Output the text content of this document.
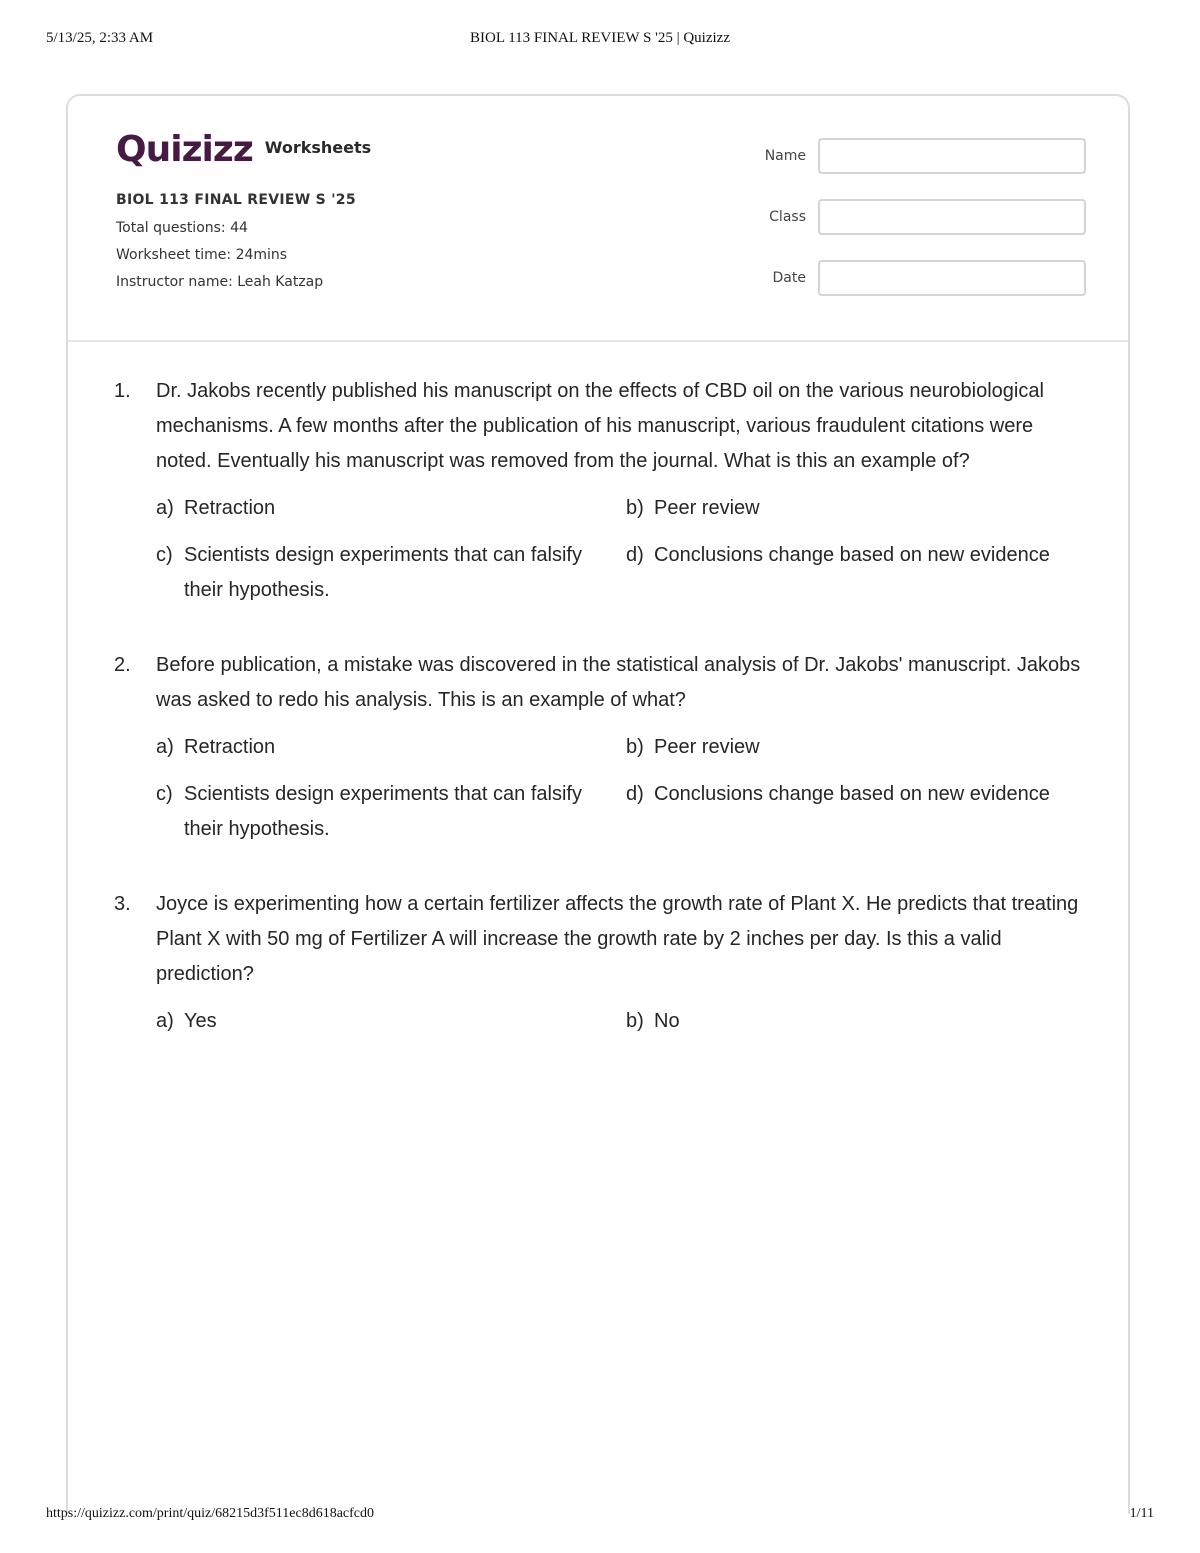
5/13/25, 2:33 AM	BIOL 113 FINAL REVIEW S '25 | Quizizz
Quizizz Worksheets
BIOL 113 FINAL REVIEW S '25
Total questions: 44
Worksheet time: 24mins
Instructor name: Leah Katzap
Name
Class
Date
1.	Dr. Jakobs recently published his manuscript on the effects of CBD oil on the various neurobiological mechanisms. A few months after the publication of his manuscript, various fraudulent citations were noted. Eventually his manuscript was removed from the journal. What is this an example of?
a) Retraction	b) Peer review
c) Scientists design experiments that can falsify their hypothesis.
d) Conclusions change based on new evidence
2.	Before publication, a mistake was discovered in the statistical analysis of Dr. Jakobs' manuscript. Jakobs was asked to redo his analysis. This is an example of what?
a) Retraction	b) Peer review
c) Scientists design experiments that can falsify their hypothesis.
d) Conclusions change based on new evidence
3.	Joyce is experimenting how a certain fertilizer affects the growth rate of Plant X. He predicts that treating Plant X with 50 mg of Fertilizer A will increase the growth rate by 2 inches per day. Is this a valid prediction?
a) Yes	b) No
https://quizizz.com/print/quiz/68215d3f511ec8d618acfcd0	1/11
